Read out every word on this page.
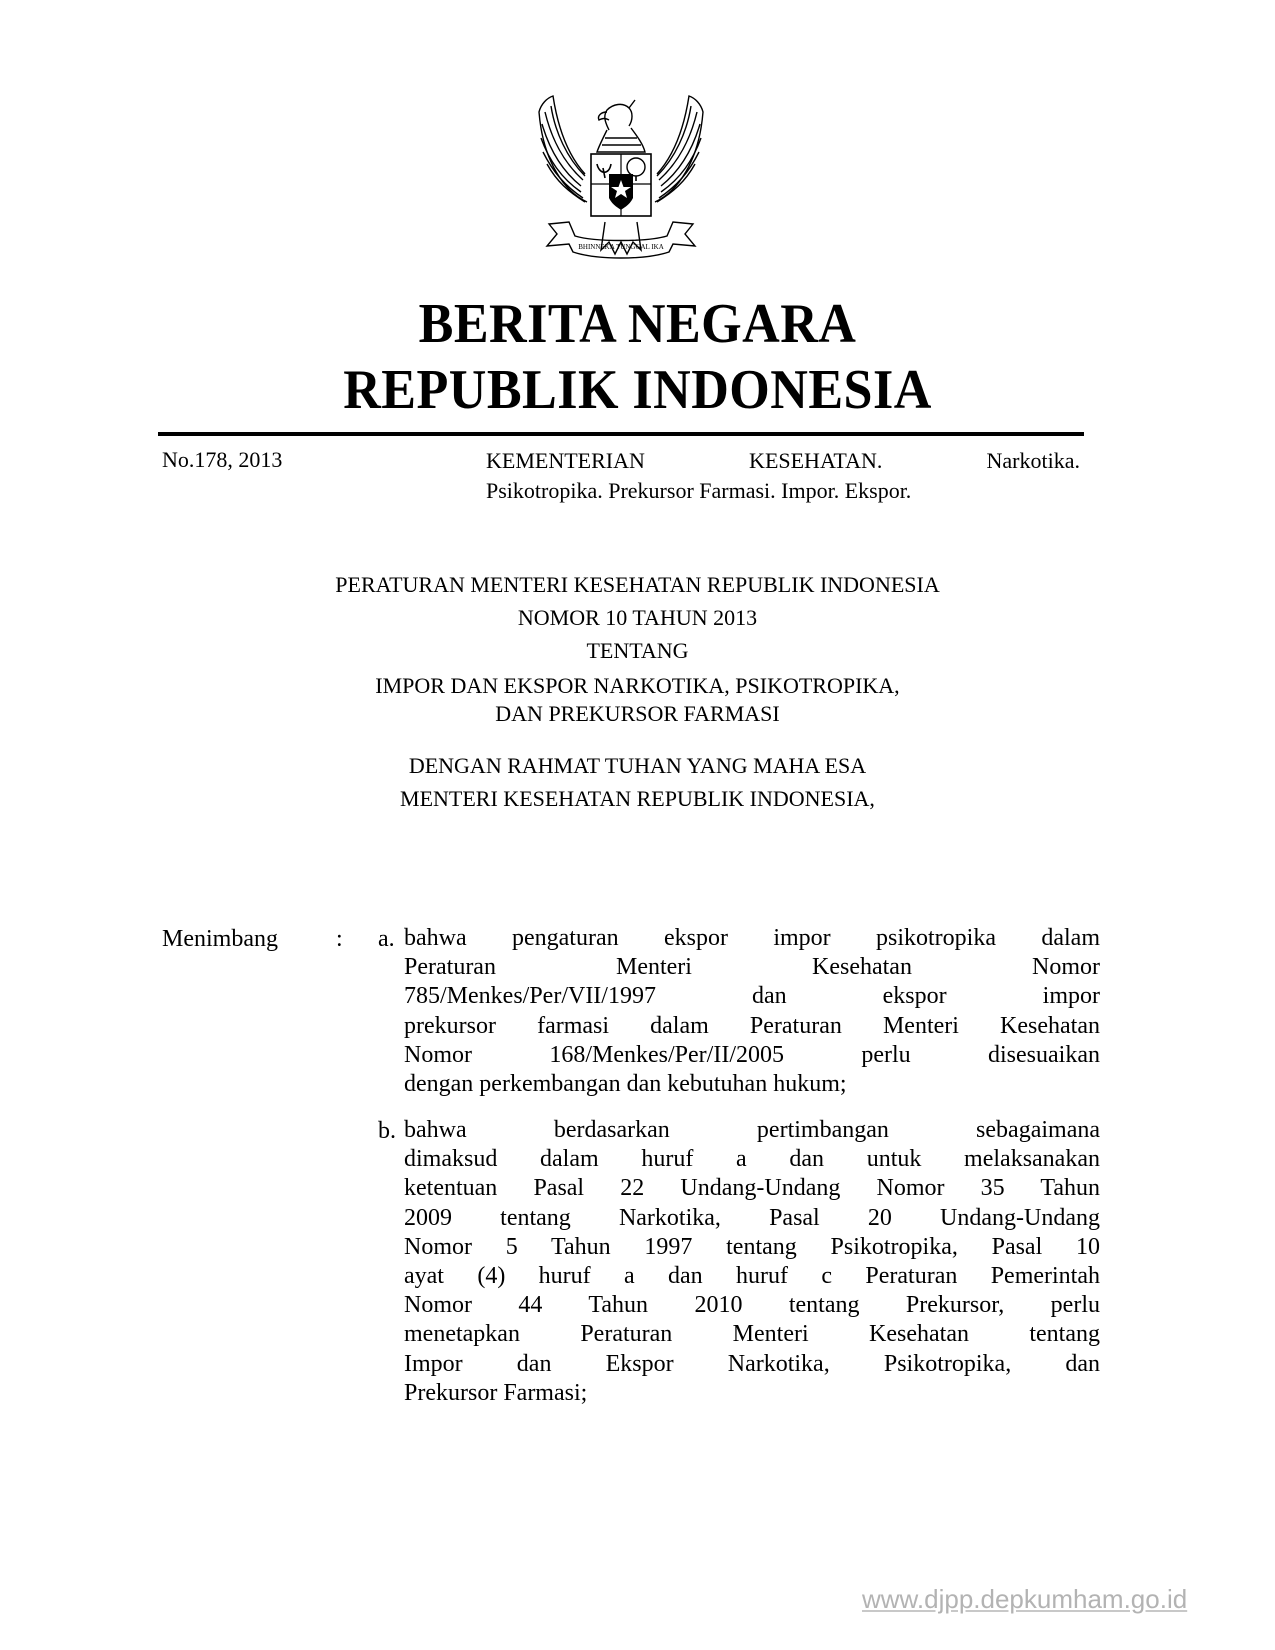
BHINNEKA TUNGGAL IKA
BERITA NEGARA
REPUBLIK INDONESIA
No.178, 2013	KEMENTERIAN KESEHATAN. Narkotika.
Psikotropika. Prekursor Farmasi. Impor. Ekspor.
PERATURAN MENTERI KESEHATAN REPUBLIK INDONESIA
NOMOR 10 TAHUN 2013
TENTANG
IMPOR DAN EKSPOR NARKOTIKA, PSIKOTROPIKA,
DAN PREKURSOR FARMASI
DENGAN RAHMAT TUHAN YANG MAHA ESA
MENTERI KESEHATAN REPUBLIK INDONESIA,
Menimbang : a. bahwa pengaturan ekspor impor psikotropika dalam
Peraturan Menteri Kesehatan Nomor
785/Menkes/Per/VII/1997 dan ekspor impor
prekursor farmasi dalam Peraturan Menteri Kesehatan
Nomor 168/Menkes/Per/II/2005 perlu disesuaikan
dengan perkembangan dan kebutuhan hukum;
b. bahwa berdasarkan pertimbangan sebagaimana
dimaksud dalam huruf a dan untuk melaksanakan
ketentuan Pasal 22 Undang-Undang Nomor 35 Tahun
2009 tentang Narkotika, Pasal 20 Undang-Undang
Nomor 5 Tahun 1997 tentang Psikotropika, Pasal 10
ayat (4) huruf a dan huruf c Peraturan Pemerintah
Nomor 44 Tahun 2010 tentang Prekursor, perlu
menetapkan Peraturan Menteri Kesehatan tentang
Impor dan Ekspor Narkotika, Psikotropika, dan
Prekursor Farmasi;
www.djpp.depkumham.go.id
